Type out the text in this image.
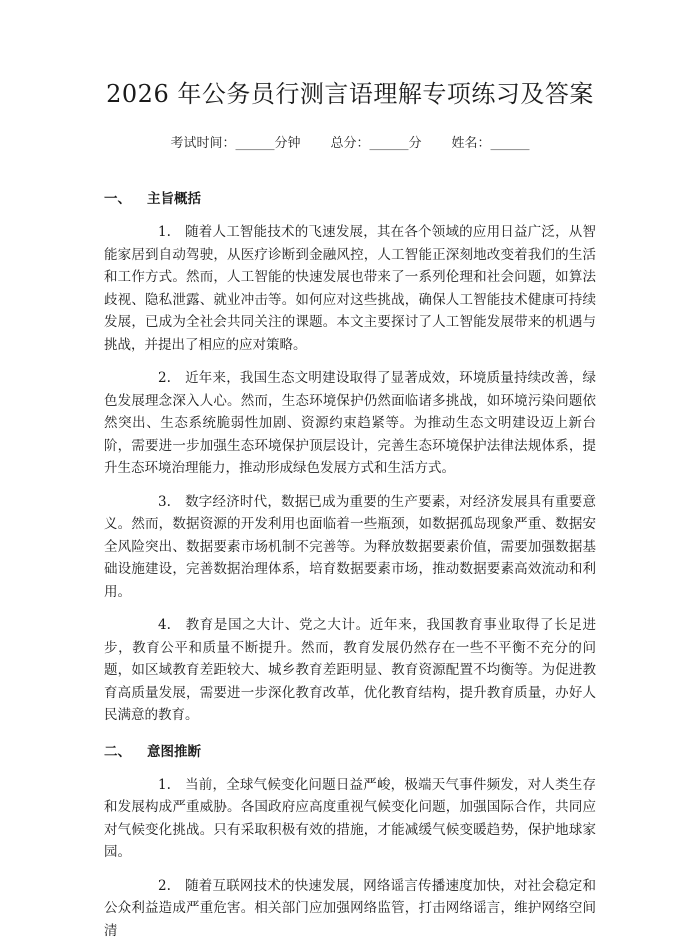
2026 年公务员行测言语理解专项练习及答案
考试时间：______分钟 总分：______分 姓名：______
一、 主旨概括

1. 随着人工智能技术的飞速发展，其在各个领域的应用日益广泛，从智能家居到自动驾驶，从医疗诊断到金融风控，人工智能正深刻地改变着我们的生活和工作方式。然而，人工智能的快速发展也带来了一系列伦理和社会问题，如算法歧视、隐私泄露、就业冲击等。如何应对这些挑战，确保人工智能技术健康可持续发展，已成为全社会共同关注的课题。本文主要探讨了人工智能发展带来的机遇与挑战，并提出了相应的应对策略。

2. 近年来，我国生态文明建设取得了显著成效，环境质量持续改善，绿色发展理念深入人心。然而，生态环境保护仍然面临诸多挑战，如环境污染问题依然突出、生态系统脆弱性加剧、资源约束趋紧等。为推动生态文明建设迈上新台阶，需要进一步加强生态环境保护顶层设计，完善生态环境保护法律法规体系，提升生态环境治理能力，推动形成绿色发展方式和生活方式。

3. 数字经济时代，数据已成为重要的生产要素，对经济发展具有重要意义。然而，数据资源的开发利用也面临着一些瓶颈，如数据孤岛现象严重、数据安全风险突出、数据要素市场机制不完善等。为释放数据要素价值，需要加强数据基础设施建设，完善数据治理体系，培育数据要素市场，推动数据要素高效流动和利用。

4. 教育是国之大计、党之大计。近年来，我国教育事业取得了长足进步，教育公平和质量不断提升。然而，教育发展仍然存在一些不平衡不充分的问题，如区域教育差距较大、城乡教育差距明显、教育资源配置不均衡等。为促进教育高质量发展，需要进一步深化教育改革，优化教育结构，提升教育质量，办好人民满意的教育。

二、 意图推断

1. 当前，全球气候变化问题日益严峻，极端天气事件频发，对人类生存和发展构成严重威胁。各国政府应高度重视气候变化问题，加强国际合作，共同应对气候变化挑战。只有采取积极有效的措施，才能减缓气候变暖趋势，保护地球家园。

2. 随着互联网技术的快速发展，网络谣言传播速度加快，对社会稳定和公众利益造成严重危害。相关部门应加强网络监管，打击网络谣言，维护网络空间清
